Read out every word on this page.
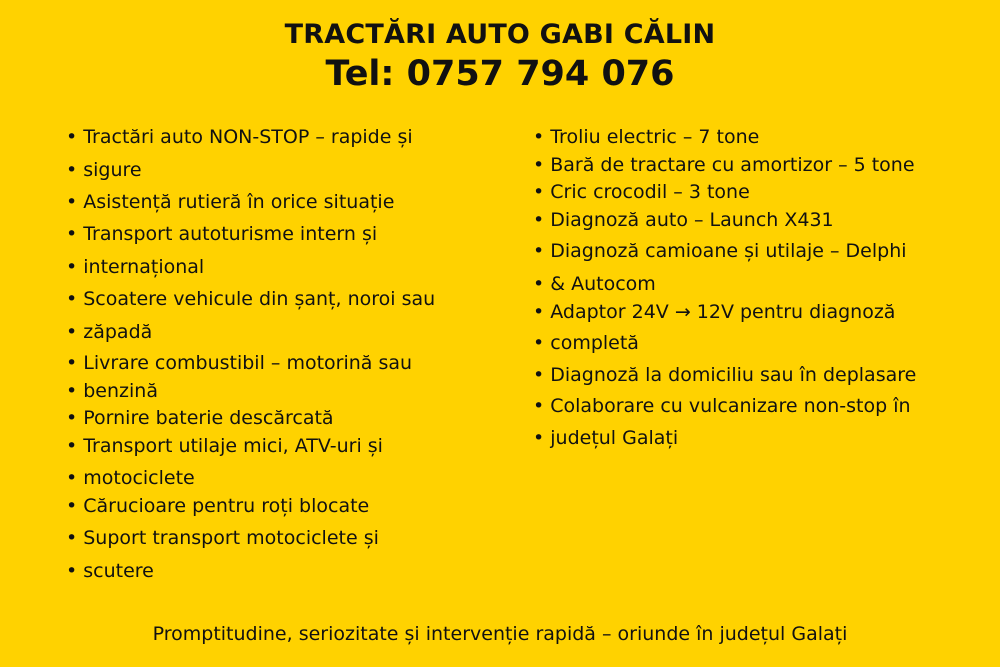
TRACTĂRI AUTO GABI CĂLIN
Tel: 0757 794 076
• Tractări auto NON-STOP – rapide și
• sigure
• Asistență rutieră în orice situație
• Transport autoturisme intern și
• internațional
• Scoatere vehicule din șanț, noroi sau
• zăpadă
• Livrare combustibil – motorină sau
• benzină
• Pornire baterie descărcată
• Transport utilaje mici, ATV-uri și
• motociclete
• Cărucioare pentru roți blocate
• Suport transport motociclete și
• scutere
• Troliu electric – 7 tone
• Bară de tractare cu amortizor – 5 tone
• Cric crocodil – 3 tone
• Diagnoză auto – Launch X431
• Diagnoză camioane și utilaje – Delphi
• & Autocom
• Adaptor 24V → 12V pentru diagnoză
• completă
• Diagnoză la domiciliu sau în deplasare
• Colaborare cu vulcanizare non-stop în
• județul Galați
Promptitudine, seriozitate și intervenție rapidă – oriunde în județul Galați
